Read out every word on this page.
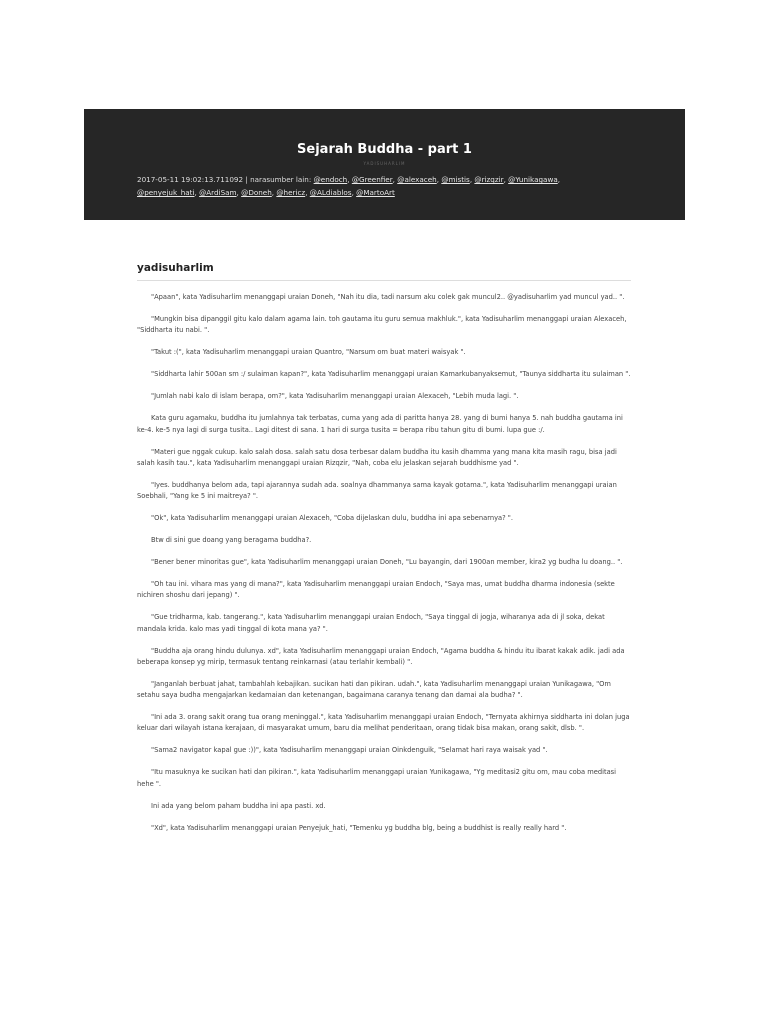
Sejarah Buddha - part 1
YADISUHARLIM
2017-05-11 19:02:13.711092 | narasumber lain: @endoch, @Greenfier, @alexaceh, @mistis, @rizqzir, @Yunikagawa, @penyejuk_hati, @ArdiSam, @Doneh, @hericz, @ALdiablos, @MartoArt
yadisuharlim

"Apaan", kata Yadisuharlim menanggapi uraian Doneh, "Nah itu dia, tadi narsum aku colek gak muncul2.. @yadisuharlim yad muncul yad.. ".

"Mungkin bisa dipanggil gitu kalo dalam agama lain. toh gautama itu guru semua makhluk.", kata Yadisuharlim menanggapi uraian Alexaceh, "Siddharta itu nabi. ".

"Takut :(", kata Yadisuharlim menanggapi uraian Quantro, "Narsum om buat materi waisyak ".

"Siddharta lahir 500an sm :/ sulaiman kapan?", kata Yadisuharlim menanggapi uraian Kamarkubanyaksemut, "Taunya siddharta itu sulaiman ".

"Jumlah nabi kalo di islam berapa, om?", kata Yadisuharlim menanggapi uraian Alexaceh, "Lebih muda lagi. ".

Kata guru agamaku, buddha itu jumlahnya tak terbatas, cuma yang ada di paritta hanya 28. yang di bumi hanya 5. nah buddha gautama ini ke-4. ke-5 nya lagi di surga tusita.. Lagi ditest di sana. 1 hari di surga tusita = berapa ribu tahun gitu di bumi. lupa gue :/.

"Materi gue nggak cukup. kalo salah dosa. salah satu dosa terbesar dalam buddha itu kasih dhamma yang mana kita masih ragu, bisa jadi salah kasih tau.", kata Yadisuharlim menanggapi uraian Rizqzir, "Nah, coba elu jelaskan sejarah buddhisme yad ".

"Iyes. buddhanya belom ada, tapi ajarannya sudah ada. soalnya dhammanya sama kayak gotama.", kata Yadisuharlim menanggapi uraian Soebhali, "Yang ke 5 ini maitreya? ".

"Ok", kata Yadisuharlim menanggapi uraian Alexaceh, "Coba dijelaskan dulu, buddha ini apa sebenarnya? ".

Btw di sini gue doang yang beragama buddha?.

"Bener bener minoritas gue", kata Yadisuharlim menanggapi uraian Doneh, "Lu bayangin, dari 1900an member, kira2 yg budha lu doang.. ".

"Oh tau ini. vihara mas yang di mana?", kata Yadisuharlim menanggapi uraian Endoch, "Saya mas, umat buddha dharma indonesia (sekte nichiren shoshu dari jepang) ".

"Gue tridharma, kab. tangerang.", kata Yadisuharlim menanggapi uraian Endoch, "Saya tinggal di jogja, wiharanya ada di jl soka, dekat mandala krida. kalo mas yadi tinggal di kota mana ya? ".

"Buddha aja orang hindu dulunya. xd", kata Yadisuharlim menanggapi uraian Endoch, "Agama buddha & hindu itu ibarat kakak adik. jadi ada beberapa konsep yg mirip, termasuk tentang reinkarnasi (atau terlahir kembali) ".

"Janganlah berbuat jahat, tambahlah kebajikan. sucikan hati dan pikiran. udah.", kata Yadisuharlim menanggapi uraian Yunikagawa, "Om setahu saya budha mengajarkan kedamaian dan ketenangan, bagaimana caranya tenang dan damai ala budha? ".

"Ini ada 3. orang sakit orang tua orang meninggal.", kata Yadisuharlim menanggapi uraian Endoch, "Ternyata akhirnya siddharta ini dolan juga keluar dari wilayah istana kerajaan, di masyarakat umum, baru dia melihat penderitaan, orang tidak bisa makan, orang sakit, dlsb. ".

"Sama2 navigator kapal gue :))", kata Yadisuharlim menanggapi uraian Oinkdenguik, "Selamat hari raya waisak yad ".

"Itu masuknya ke sucikan hati dan pikiran.", kata Yadisuharlim menanggapi uraian Yunikagawa, "Yg meditasi2 gitu om, mau coba meditasi hehe ".

Ini ada yang belom paham buddha ini apa pasti. xd.

"Xd", kata Yadisuharlim menanggapi uraian Penyejuk_hati, "Temenku yg buddha blg, being a buddhist is really really hard ".
